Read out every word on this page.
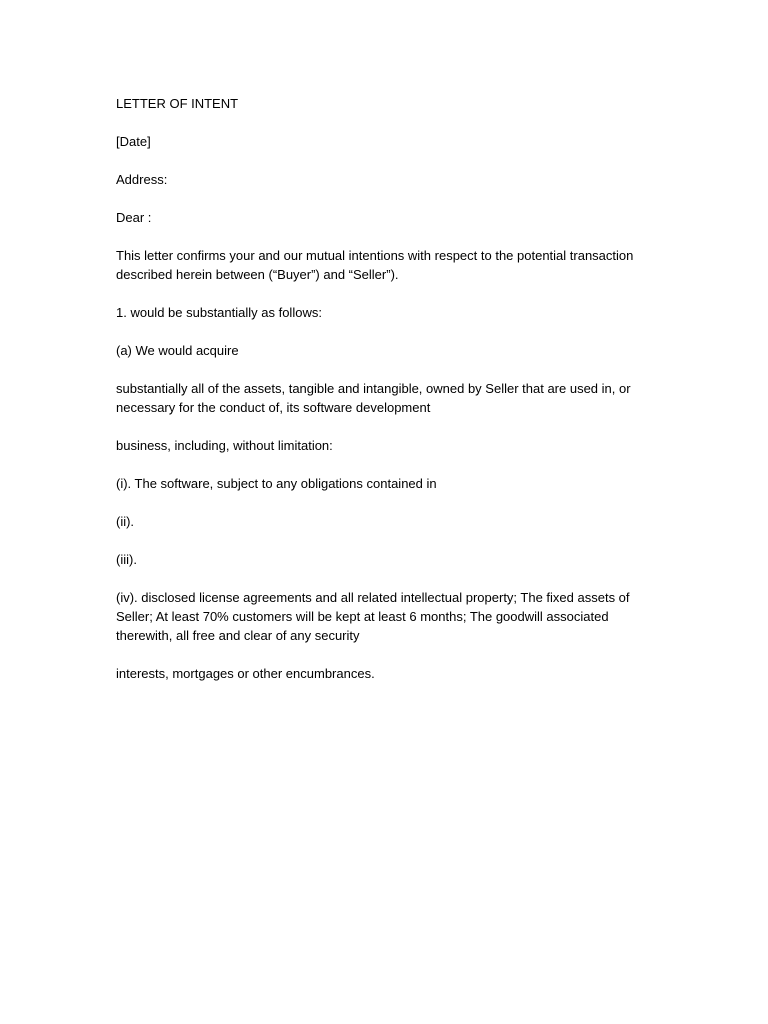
LETTER OF INTENT

[Date]

Address:

Dear :

This letter confirms your and our mutual intentions with respect to the potential transaction described herein between (“Buyer”) and “Seller”).

1. would be substantially as follows:

(a) We would acquire

substantially all of the assets, tangible and intangible, owned by Seller that are used in, or necessary for the conduct of, its software development

business, including, without limitation:

(i). The software, subject to any obligations contained in

(ii).

(iii).

(iv). disclosed license agreements and all related intellectual property; The fixed assets of Seller; At least 70% customers will be kept at least 6 months; The goodwill associated therewith, all free and clear of any security

interests, mortgages or other encumbrances.
